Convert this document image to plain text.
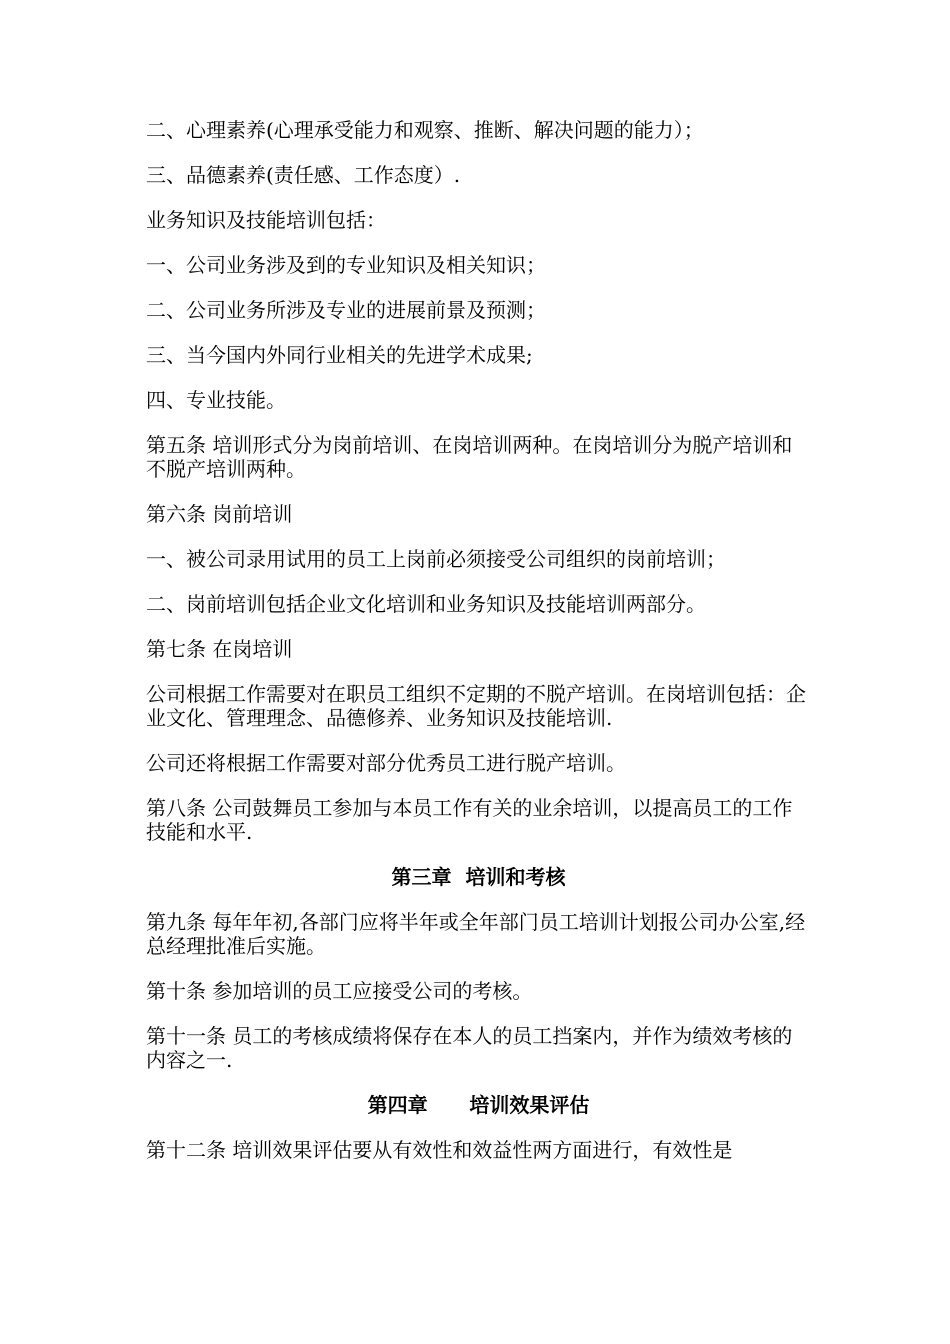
二、心理素养(心理承受能力和观察、推断、解决问题的能力）；

三、品德素养(责任感、工作态度）.

业务知识及技能培训包括：

一、公司业务涉及到的专业知识及相关知识；

二、公司业务所涉及专业的进展前景及预测；

三、当今国内外同行业相关的先进学术成果;

四、专业技能。

第五条 培训形式分为岗前培训、在岗培训两种。在岗培训分为脱产培训和不脱产培训两种。

第六条 岗前培训

一、被公司录用试用的员工上岗前必须接受公司组织的岗前培训；

二、岗前培训包括企业文化培训和业务知识及技能培训两部分。

第七条 在岗培训

公司根据工作需要对在职员工组织不定期的不脱产培训。在岗培训包括：企业文化、管理理念、品德修养、业务知识及技能培训.

公司还将根据工作需要对部分优秀员工进行脱产培训。

第八条 公司鼓舞员工参加与本员工作有关的业余培训，以提高员工的工作技能和水平.

第三章  培训和考核

第九条 每年年初,各部门应将半年或全年部门员工培训计划报公司办公室,经总经理批准后实施。

第十条 参加培训的员工应接受公司的考核。

第十一条 员工的考核成绩将保存在本人的员工挡案内，并作为绩效考核的内容之一.

第四章      培训效果评估

第十二条 培训效果评估要从有效性和效益性两方面进行，有效性是
